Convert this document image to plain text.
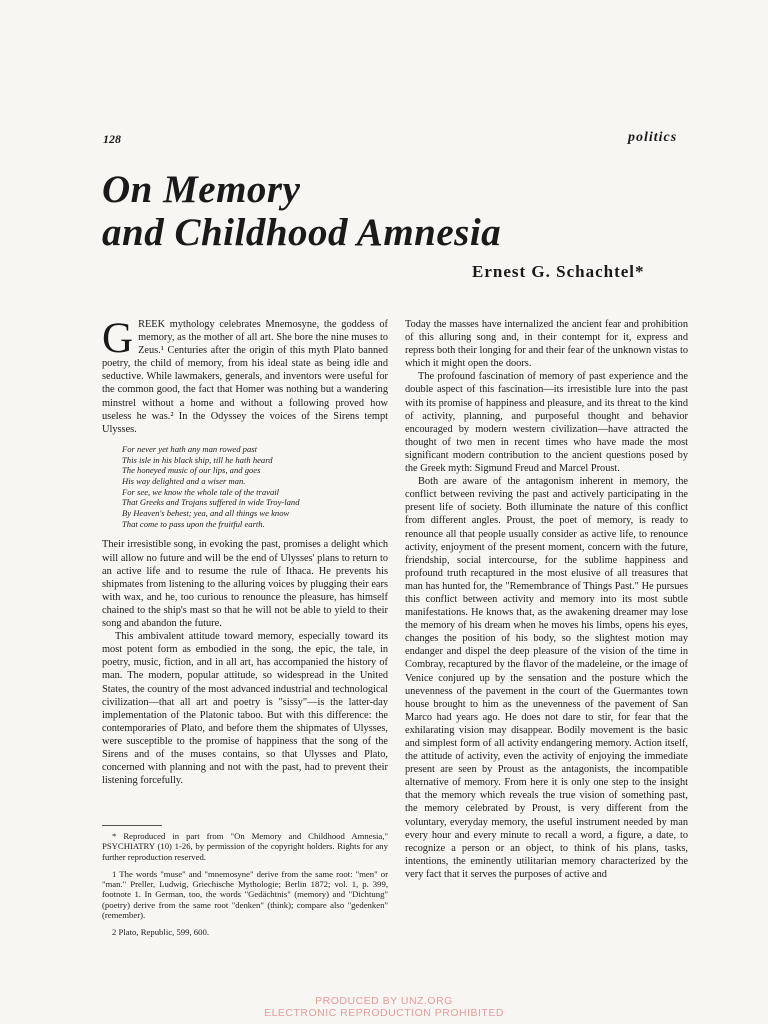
128	politics
On Memory
and Childhood Amnesia
Ernest G. Schachtel*

GREEK mythology celebrates Mnemosyne, the goddess of memory, as the mother of all art. She bore the nine muses to Zeus.¹ Centuries after the origin of this myth Plato banned poetry, the child of memory, from his ideal state as being idle and seductive. While lawmakers, generals, and inventors were useful for the common good, the fact that Homer was nothing but a wandering minstrel without a home and without a following proved how useless he was.² In the Odyssey the voices of the Sirens tempt Ulysses.

For never yet hath any man rowed past
This isle in his black ship, till he hath heard
The honeyed music of our lips, and goes
His way delighted and a wiser man.
For see, we know the whole tale of the travail
That Greeks and Trojans suffered in wide Troy-land
By Heaven's behest; yea, and all things we know
That come to pass upon the fruitful earth.

Their irresistible song, in evoking the past, promises a delight which will allow no future and will be the end of Ulysses' plans to return to an active life and to resume the rule of Ithaca. He prevents his shipmates from listening to the alluring voices by plugging their ears with wax, and he, too curious to renounce the pleasure, has himself chained to the ship's mast so that he will not be able to yield to their song and abandon the future.

This ambivalent attitude toward memory, especially toward its most potent form as embodied in the song, the epic, the tale, in poetry, music, fiction, and in all art, has accompanied the history of man. The modern, popular attitude, so widespread in the United States, the country of the most advanced industrial and technological civilization—that all art and poetry is "sissy"—is the latter-day implementation of the Platonic taboo. But with this difference: the contemporaries of Plato, and before them the shipmates of Ulysses, were susceptible to the promise of happiness that the song of the Sirens and of the muses contains, so that Ulysses and Plato, concerned with planning and not with the past, had to prevent their listening forcefully.

* Reproduced in part from "On Memory and Childhood Amnesia," PSYCHIATRY (10) 1-26, by permission of the copyright holders. Rights for any further reproduction reserved.

1 The words "muse" and "mnemosyne" derive from the same root: "men" or "man." Preller, Ludwig, Griechische Mythologie; Berlin 1872; vol. 1, p. 399, footnote 1. In German, too, the words "Gedächtnis" (memory) and "Dichtung" (poetry) derive from the same root "denken" (think); compare also "gedenken" (remember).

2 Plato, Republic, 599, 600.

Today the masses have internalized the ancient fear and prohibition of this alluring song and, in their contempt for it, express and repress both their longing for and their fear of the unknown vistas to which it might open the doors.

The profound fascination of memory of past experience and the double aspect of this fascination—its irresistible lure into the past with its promise of happiness and pleasure, and its threat to the kind of activity, planning, and purposeful thought and behavior encouraged by modern western civilization—have attracted the thought of two men in recent times who have made the most significant modern contribution to the ancient questions posed by the Greek myth: Sigmund Freud and Marcel Proust.

Both are aware of the antagonism inherent in memory, the conflict between reviving the past and actively participating in the present life of society. Both illuminate the nature of this conflict from different angles. Proust, the poet of memory, is ready to renounce all that people usually consider as active life, to renounce activity, enjoyment of the present moment, concern with the future, friendship, social intercourse, for the sublime happiness and profound truth recaptured in the most elusive of all treasures that man has hunted for, the "Remembrance of Things Past." He pursues this conflict between activity and memory into its most subtle manifestations. He knows that, as the awakening dreamer may lose the memory of his dream when he moves his limbs, opens his eyes, changes the position of his body, so the slightest motion may endanger and dispel the deep pleasure of the vision of the time in Combray, recaptured by the flavor of the madeleine, or the image of Venice conjured up by the sensation and the posture which the unevenness of the pavement in the court of the Guermantes town house brought to him as the unevenness of the pavement of San Marco had years ago. He does not dare to stir, for fear that the exhilarating vision may disappear. Bodily movement is the basic and simplest form of all activity endangering memory. Action itself, the attitude of activity, even the activity of enjoying the immediate present are seen by Proust as the antagonists, the incompatible alternative of memory. From here it is only one step to the insight that the memory which reveals the true vision of something past, the memory celebrated by Proust, is very different from the voluntary, everyday memory, the useful instrument needed by man every hour and every minute to recall a word, a figure, a date, to recognize a person or an object, to think of his plans, tasks, intentions, the eminently utilitarian memory characterized by the very fact that it serves the purposes of active and

PRODUCED BY UNZ.ORG
ELECTRONIC REPRODUCTION PROHIBITED
